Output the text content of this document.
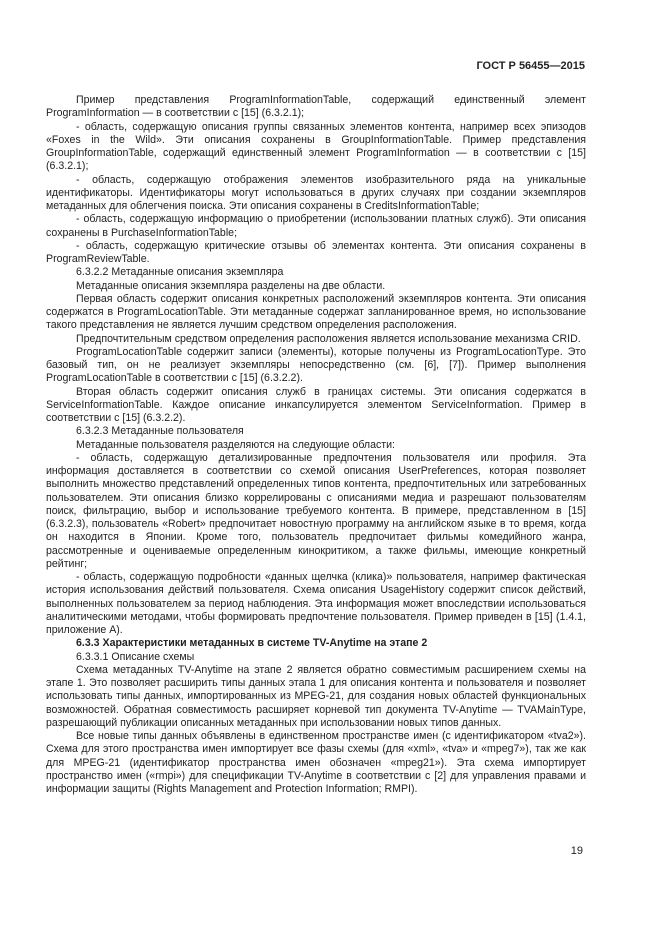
ГОСТ Р 56455—2015

Пример представления ProgramInformationTable, содержащий единственный элемент ProgramInformation — в соответствии с [15] (6.3.2.1);

- область, содержащую описания группы связанных элементов контента, например всех эпизодов «Foxes in the Wild». Эти описания сохранены в GroupInformationTable. Пример представления GroupInformationTable, содержащий единственный элемент ProgramInformation — в соответствии с [15] (6.3.2.1);

- область, содержащую отображения элементов изобразительного ряда на уникальные идентификаторы. Идентификаторы могут использоваться в других случаях при создании экземпляров метаданных для облегчения поиска. Эти описания сохранены в CreditsInformationTable;

- область, содержащую информацию о приобретении (использовании платных служб). Эти описания сохранены в PurchaseInformationTable;

- область, содержащую критические отзывы об элементах контента. Эти описания сохранены в ProgramReviewTable.

6.3.2.2 Метаданные описания экземпляра

Метаданные описания экземпляра разделены на две области.

Первая область содержит описания конкретных расположений экземпляров контента. Эти описания содержатся в ProgramLocationTable. Эти метаданные содержат запланированное время, но использование такого представления не является лучшим средством определения расположения.

Предпочтительным средством определения расположения является использование механизма CRID.

ProgramLocationTable содержит записи (элементы), которые получены из ProgramLocationType. Это базовый тип, он не реализует экземпляры непосредственно (см. [6], [7]). Пример выполнения ProgramLocationTable в соответствии с [15] (6.3.2.2).

Вторая область содержит описания служб в границах системы. Эти описания содержатся в ServiceInformationTable. Каждое описание инкапсулируется элементом ServiceInformation. Пример в соответствии с [15] (6.3.2.2).

6.3.2.3 Метаданные пользователя

Метаданные пользователя разделяются на следующие области:

- область, содержащую детализированные предпочтения пользователя или профиля. Эта информация доставляется в соответствии со схемой описания UserPreferences, которая позволяет выполнить множество представлений определенных типов контента, предпочтительных или затребованных пользователем. Эти описания близко коррелированы с описаниями медиа и разрешают пользователям поиск, фильтрацию, выбор и использование требуемого контента. В примере, представленном в [15] (6.3.2.3), пользователь «Robert» предпочитает новостную программу на английском языке в то время, когда он находится в Японии. Кроме того, пользователь предпочитает фильмы комедийного жанра, рассмотренные и оцениваемые определенным кинокритиком, а также фильмы, имеющие конкретный рейтинг;

- область, содержащую подробности «данных щелчка (клика)» пользователя, например фактическая история использования действий пользователя. Схема описания UsageHistory содержит список действий, выполненных пользователем за период наблюдения. Эта информация может впоследствии использоваться аналитическими методами, чтобы формировать предпочтение пользователя. Пример приведен в [15] (1.4.1, приложение А).

6.3.3 Характеристики метаданных в системе TV-Anytime на этапе 2

6.3.3.1 Описание схемы

Схема метаданных TV-Anytime на этапе 2 является обратно совместимым расширением схемы на этапе 1. Это позволяет расширить типы данных этапа 1 для описания контента и пользователя и позволяет использовать типы данных, импортированных из MPEG-21, для создания новых областей функциональных возможностей. Обратная совместимость расширяет корневой тип документа TV-Anytime — TVAMainType, разрешающий публикации описанных метаданных при использовании новых типов данных.

Все новые типы данных объявлены в единственном пространстве имен (с идентификатором «tva2»). Схема для этого пространства имен импортирует все фазы схемы (для «xml», «tva» и «mpeg7»), так же как для MPEG-21 (идентификатор пространства имен обозначен «mpeg21»). Эта схема импортирует пространство имен («rmpi») для спецификации TV-Anytime в соответствии с [2] для управления правами и информации защиты (Rights Management and Protection Information; RMPI).

19
